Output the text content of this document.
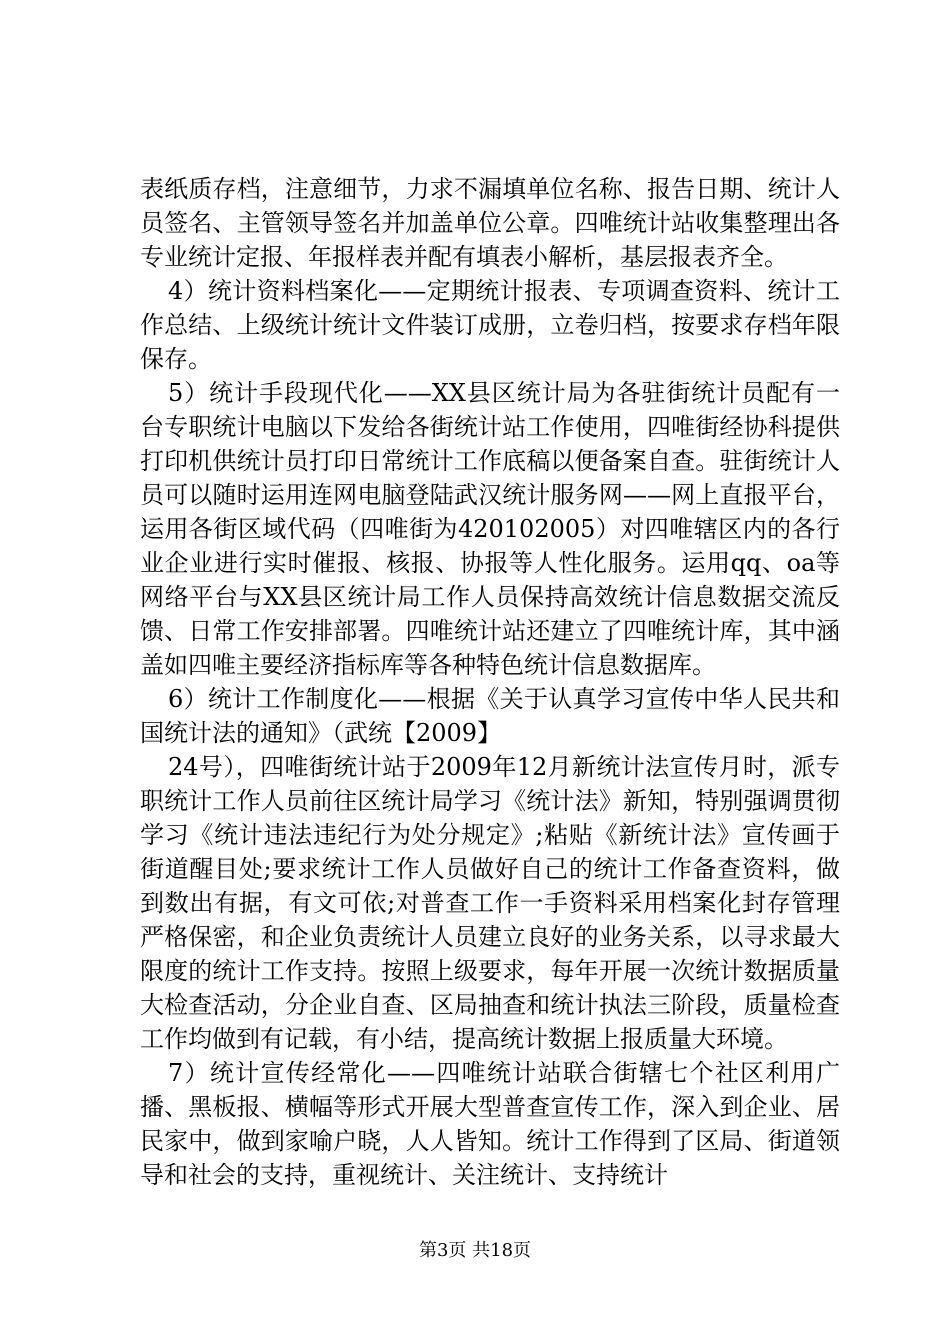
表纸质存档，注意细节，力求不漏填单位名称、报告日期、统计人员签名、主管领导签名并加盖单位公章。四唯统计站收集整理出各专业统计定报、年报样表并配有填表小解析，基层报表齐全。

4）统计资料档案化——定期统计报表、专项调查资料、统计工作总结、上级统计统计文件装订成册，立卷归档，按要求存档年限保存。

5）统计手段现代化——XX县区统计局为各驻街统计员配有一台专职统计电脑以下发给各街统计站工作使用，四唯街经协科提供打印机供统计员打印日常统计工作底稿以便备案自查。驻街统计人员可以随时运用连网电脑登陆武汉统计服务网——网上直报平台，运用各街区域代码（四唯街为420102005）对四唯辖区内的各行业企业进行实时催报、核报、协报等人性化服务。运用qq、oa等网络平台与XX县区统计局工作人员保持高效统计信息数据交流反馈、日常工作安排部署。四唯统计站还建立了四唯统计库，其中涵盖如四唯主要经济指标库等各种特色统计信息数据库。

6）统计工作制度化——根据《关于认真学习宣传中华人民共和国统计法的通知》（武统【2009】

24号），四唯街统计站于2009年12月新统计法宣传月时，派专职统计工作人员前往区统计局学习《统计法》新知，特别强调贯彻学习《统计违法违纪行为处分规定》;粘贴《新统计法》宣传画于街道醒目处;要求统计工作人员做好自己的统计工作备查资料，做到数出有据，有文可依;对普查工作一手资料采用档案化封存管理严格保密，和企业负责统计人员建立良好的业务关系，以寻求最大限度的统计工作支持。按照上级要求，每年开展一次统计数据质量大检查活动，分企业自查、区局抽查和统计执法三阶段，质量检查工作均做到有记载，有小结，提高统计数据上报质量大环境。

7）统计宣传经常化——四唯统计站联合街辖七个社区利用广播、黑板报、横幅等形式开展大型普查宣传工作，深入到企业、居民家中，做到家喻户晓，人人皆知。统计工作得到了区局、街道领导和社会的支持，重视统计、关注统计、支持统计

第3页 共18页
